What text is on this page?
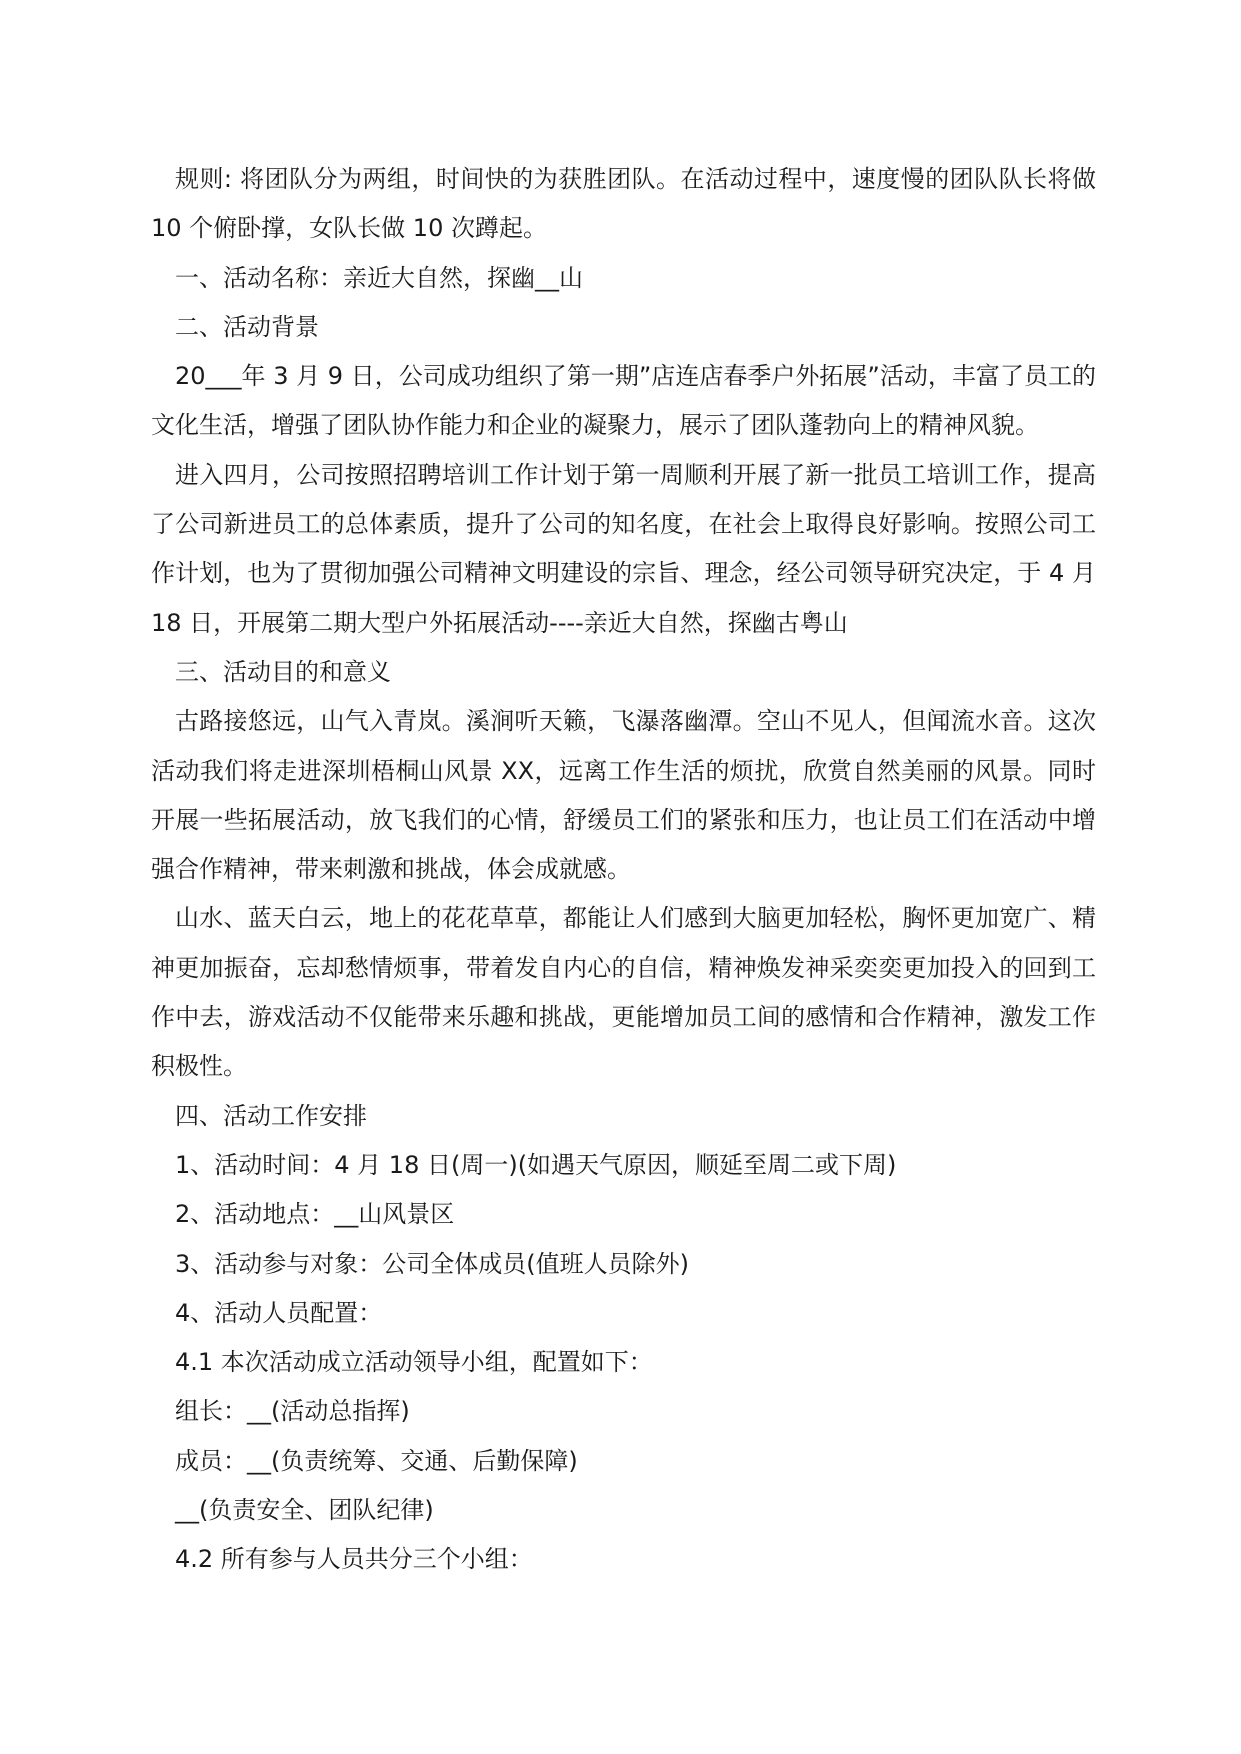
规则: 将团队分为两组，时间快的为获胜团队。在活动过程中，速度慢的团队队长将做 10 个俯卧撑，女队长做 10 次蹲起。

一、活动名称：亲近大自然，探幽__山

二、活动背景

20___年 3 月 9 日，公司成功组织了第一期”店连店春季户外拓展”活动，丰富了员工的文化生活，增强了团队协作能力和企业的凝聚力，展示了团队蓬勃向上的精神风貌。

进入四月，公司按照招聘培训工作计划于第一周顺利开展了新一批员工培训工作，提高了公司新进员工的总体素质，提升了公司的知名度，在社会上取得良好影响。按照公司工作计划，也为了贯彻加强公司精神文明建设的宗旨、理念，经公司领导研究决定，于 4 月 18 日，开展第二期大型户外拓展活动----亲近大自然，探幽古粤山

三、活动目的和意义

古路接悠远，山气入青岚。溪涧听天籁，飞瀑落幽潭。空山不见人，但闻流水音。这次活动我们将走进深圳梧桐山风景 XX，远离工作生活的烦扰，欣赏自然美丽的风景。同时开展一些拓展活动，放飞我们的心情，舒缓员工们的紧张和压力，也让员工们在活动中增强合作精神，带来刺激和挑战，体会成就感。

山水、蓝天白云，地上的花花草草，都能让人们感到大脑更加轻松，胸怀更加宽广、精神更加振奋，忘却愁情烦事，带着发自内心的自信，精神焕发神采奕奕更加投入的回到工作中去，游戏活动不仅能带来乐趣和挑战，更能增加员工间的感情和合作精神，激发工作积极性。

四、活动工作安排

1、活动时间：4 月 18 日(周一)(如遇天气原因，顺延至周二或下周)

2、活动地点：__山风景区

3、活动参与对象：公司全体成员(值班人员除外)

4、活动人员配置：

4.1 本次活动成立活动领导小组，配置如下：

组长：__(活动总指挥)

成员：__(负责统筹、交通、后勤保障)

__(负责安全、团队纪律)

4.2 所有参与人员共分三个小组：
